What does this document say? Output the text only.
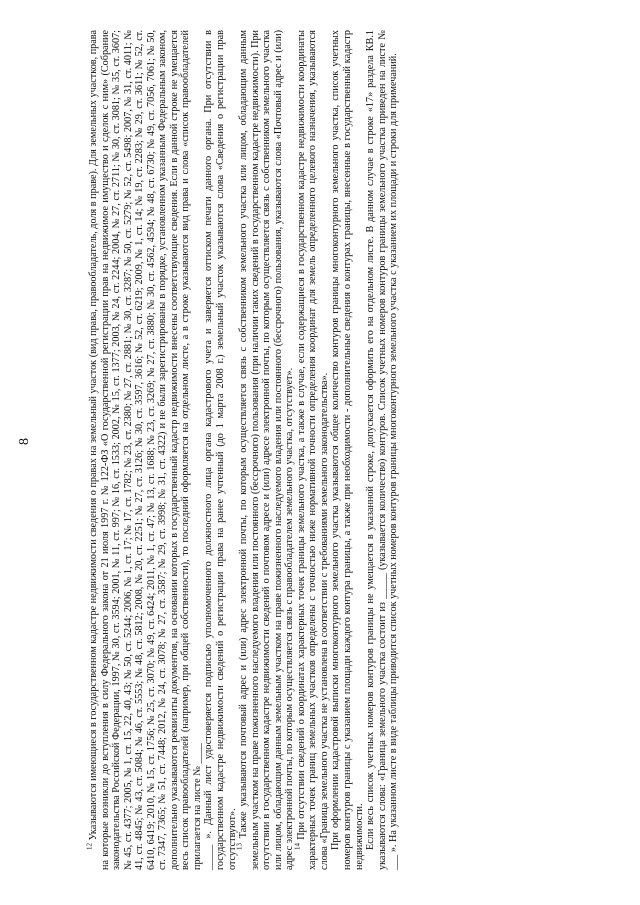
8

$^{12}$ Указываются имеющиеся в государственном кадастре недвижимости сведения о правах на земельный участок (вид права, правообладатель, доля в праве). Для земельных участков, права на которые возникли до вступления в силу Федерального закона от 21 июля 1997 г. № 122-ФЗ «О государственной регистрации прав на недвижимое имущество и сделок с ним» (Собрание законодательства Российской Федерации, 1997, № 30, ст. 3594; 2001, № 11, ст. 997; № 16, ст. 1533; 2002, № 15, ст. 1377; 2003, № 24, ст. 2244; 2004, № 27, ст. 2711; № 30, ст. 3081; № 35, ст. 3607; № 45, ст. 4377; 2005, № 1, ст. 15, 22, 40, 43; № 50, ст. 5244; 2006, № 1, ст. 17; № 17, ст. 1782; № 23, ст. 2380; № 27, ст. 2881; № 30, ст. 3287; № 50, ст. 5279; № 52, ст. 5498; 2007, № 31, ст. 4011; № 41, ст. 4845; № 43, ст. 5084; № 46, ст. 5553; № 48, ст. 5812; 2008, № 20, ст. 2251; № 27, ст. 3126; № 30, ст. 3597, 3616; № 52, ст. 6219; 2009, № 1, ст. 14; № 19, ст. 2283; № 29, ст. 3611; № 52, ст. 6410, 6419; 2010, № 15, ст. 1756; № 25, ст. 3070; № 49, ст. 6424; 2011, № 1, ст. 47; № 13, ст. 1688; № 23, ст. 3269; № 27, ст. 3880; № 30, ст. 4562, 4594; № 48, ст. 6730; № 49, ст. 7056, 7061; № 50, ст. 7347, 7365; № 51, ст. 7448; 2012, № 24, ст. 3078; № 27, ст. 3587; № 29, ст. 3998; № 31, ст. 4322) и не были зарегистрированы в порядке, установленном указанным Федеральным законом, дополнительно указываются реквизиты документов, на основании которых в государственный кадастр недвижимости внесены соответствующие сведения. Если в данной строке не умещается весь список правообладателей (например, при общей собственности), то последний оформляется на отдельном листе, а в строке указываются вид права и слова «список правообладателей прилагается на листе № ____

_____ ». Данный лист удостоверяется подписью уполномоченного должностного лица органа кадастрового учета и заверяется оттиском печати данного органа. При отсутствии в государственном кадастре недвижимости сведений о регистрации права на ранее учтенный (до 1 марта 2008 г.) земельный участок указываются слова «Сведения о регистрации прав отсутствуют».

$^{13}$ Также указываются почтовый адрес и (или) адрес электронной почты, по которым осуществляется связь с собственником земельного участка или лицом, обладающим данным земельным участком на праве пожизненного наследуемого владения или постоянного (бессрочного) пользования (при наличии таких сведений в государственном кадастре недвижимости). При отсутствии в государственном кадастре недвижимости сведений о почтовом адресе и (или) адресе электронной почты, по которым осуществляется связь с собственником земельного участка или лицом, обладающим данным земельным участком на праве пожизненного наследуемого владения или постоянного (бессрочного) пользования, указываются слова «Почтовый адрес и (или) адрес электронной почты, по которым осуществляется связь с правообладателем земельного участка, отсутствует».

$^{14}$ При отсутствии сведений о координатах характерных точек границы земельного участка, а также в случае, если содержащиеся в государственном кадастре недвижимости координаты характерных точек границ земельных участков определены с точностью ниже нормативной точности определения координат для земель определенного целевого назначения, указываются слова «Граница земельного участка не установлена в соответствии с требованиями земельного законодательства». При оформлении кадастровой выписки многоконтурного земельного участка указываются общее количество контуров границы многоконтурного земельного участка, список учетных номеров контуров границы с указанием площади каждого контура границы, а также при необходимости - дополнительные сведения о контурах границы, внесенные в государственный кадастр недвижимости. Если весь список учетных номеров контуров границы не умещается в указанной строке, допускается оформить его на отдельном листе. В данном случае в строке «17» раздела КВ.1 указываются слова: «Граница земельного участка состоит из _____ (указывается количество) контуров. Список учетных номеров контуров границы земельного участка приведен на листе № ___ ». На указанном листе в виде таблицы приводится список учетных номеров контуров границы многоконтурного земельного участка с указанием их площади и строки для примечаний.
